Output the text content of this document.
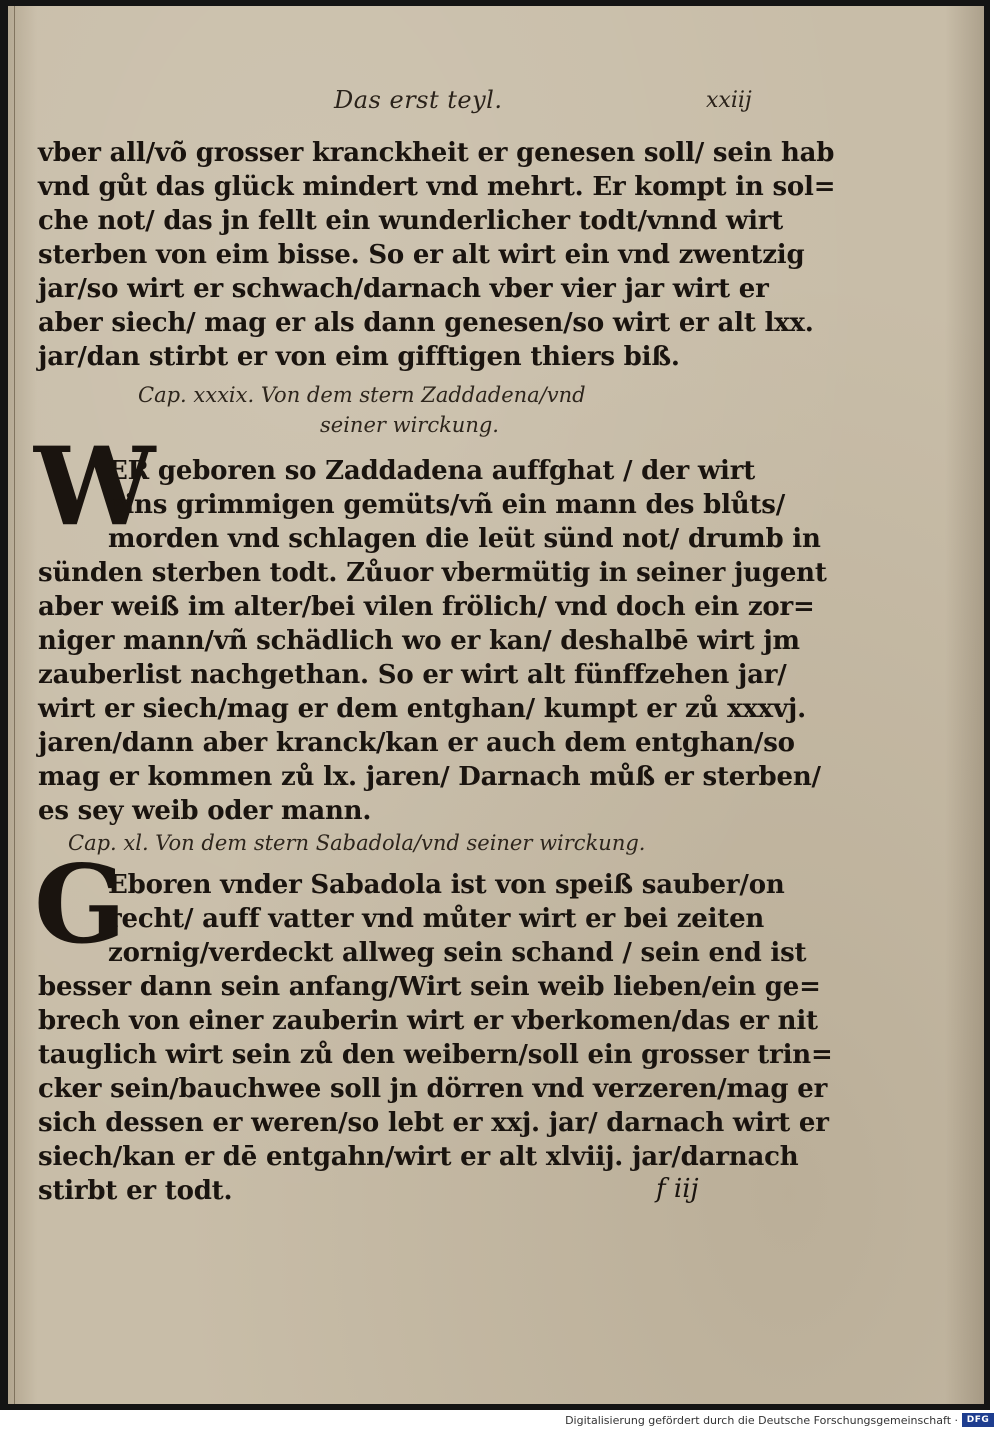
Das erst teyl.	xxiij
vber all/võ grosser kranckheit er genesen soll/ sein hab
vnd gůt das glück mindert vnd mehrt. Er kompt in sol=
che not/ das jn fellt ein wunderlicher todt/vnnd wirt
sterben von eim bisse. So er alt wirt ein vnd zwentzig
jar/so wirt er schwach/darnach vber vier jar wirt er
aber siech/ mag er als dann genesen/so wirt er alt lxx.
jar/dan stirbt er von eim gifftigen thiers biß.
Cap. xxxix. Von dem stern Zaddadena/vnd
seiner wirckung.
W
ER geboren so Zaddadena auffghat / der wirt
eins grimmigen gemüts/vñ ein mann des blůts/
morden vnd schlagen die leüt sünd not/ drumb in
sünden sterben todt. Zůuor vbermütig in seiner jugent
aber weiß im alter/bei vilen frölich/ vnd doch ein zor=
niger mann/vñ schädlich wo er kan/ deshalbē wirt jm
zauberlist nachgethan. So er wirt alt fünffzehen jar/
wirt er siech/mag er dem entghan/ kumpt er zů xxxvj.
jaren/dann aber kranck/kan er auch dem entghan/so
mag er kommen zů lx. jaren/ Darnach můß er sterben/
es sey weib oder mann.
Cap. xl. Von dem stern Sabadola/vnd seiner wirckung.
G
Eboren vnder Sabadola ist von speiß sauber/on
recht/ auff vatter vnd můter wirt er bei zeiten
zornig/verdeckt allweg sein schand / sein end ist
besser dann sein anfang/Wirt sein weib lieben/ein ge=
brech von einer zauberin wirt er vberkomen/das er nit
tauglich wirt sein zů den weibern/soll ein grosser trin=
cker sein/bauchwee soll jn dörren vnd verzeren/mag er
sich dessen er weren/so lebt er xxj. jar/ darnach wirt er
siech/kan er dē entgahn/wirt er alt xlviij. jar/darnach
stirbt er todt.	f iij
Digitalisierung gefördert durch die Deutsche Forschungsgemeinschaft · DFG
